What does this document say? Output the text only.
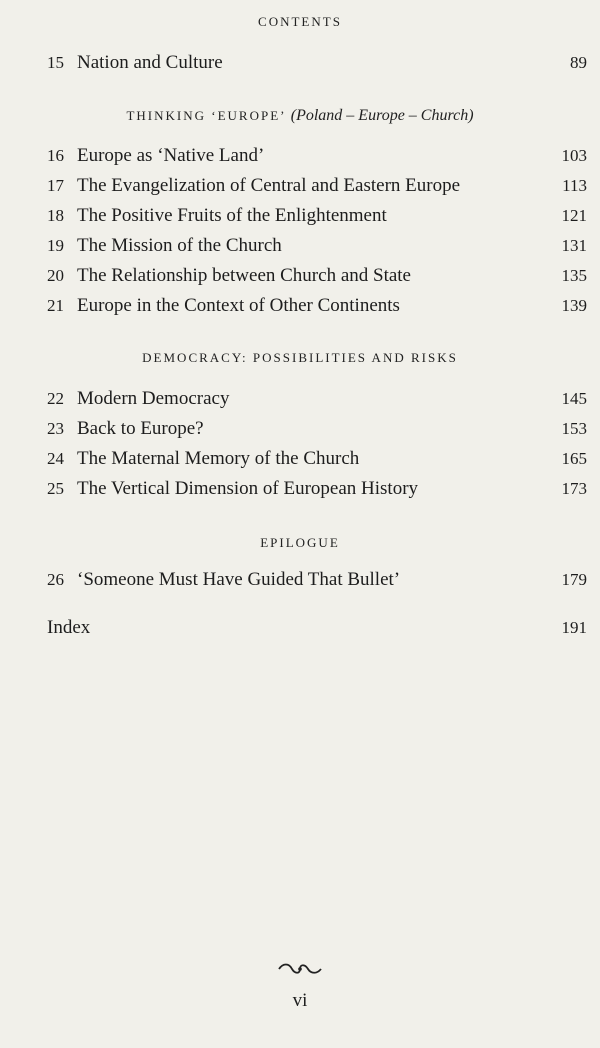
CONTENTS
15 Nation and Culture	89
THINKING ‘EUROPE’ (Poland – Europe – Church)
16 Europe as ‘Native Land’	103
17 The Evangelization of Central and Eastern Europe	113
18 The Positive Fruits of the Enlightenment	121
19 The Mission of the Church	131
20 The Relationship between Church and State	135
21 Europe in the Context of Other Continents	139
DEMOCRACY: POSSIBILITIES AND RISKS
22 Modern Democracy	145
23 Back to Europe?	153
24 The Maternal Memory of the Church	165
25 The Vertical Dimension of European History	173
EPILOGUE
26 ‘Someone Must Have Guided That Bullet’	179
Index	191
vi
